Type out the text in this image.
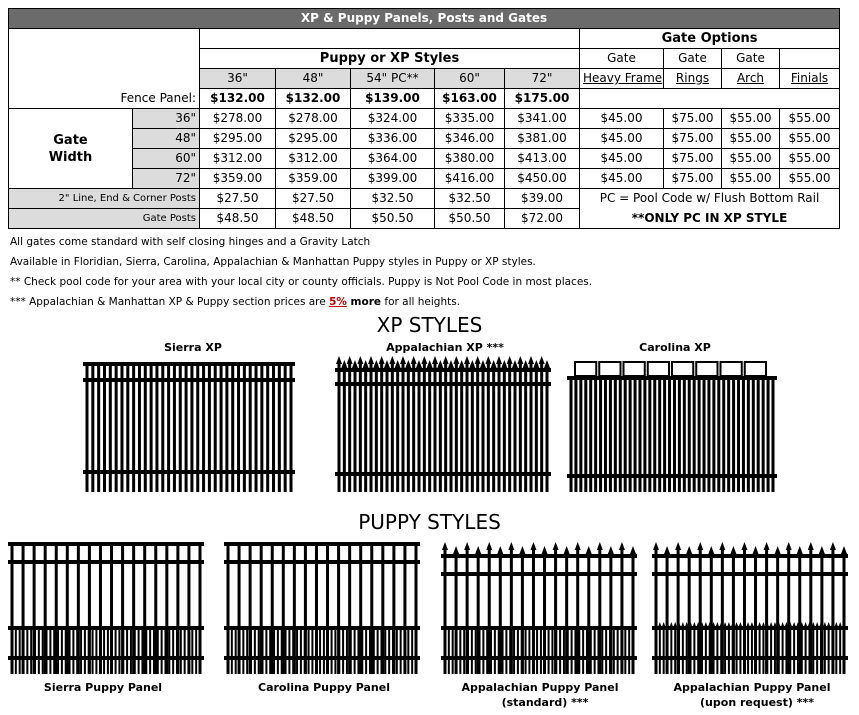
XP & Puppy Panels, Posts and Gates										
							Gate Options			
		Puppy or XP Styles					Gate	Gate	Gate	
		36"	48"	54" PC**	60"	72"	Heavy Frame	Rings	Arch	Finials
Fence Panel:		$132.00	$132.00	$139.00	$163.00	$175.00				

Gate
Width	36"	$278.00	$278.00	$324.00	$335.00	$341.00	$45.00	$75.00	$55.00	$55.00
	48"	$295.00	$295.00	$336.00	$346.00	$381.00	$45.00	$75.00	$55.00	$55.00
	60"	$312.00	$312.00	$364.00	$380.00	$413.00	$45.00	$75.00	$55.00	$55.00
	72"	$359.00	$359.00	$399.00	$416.00	$450.00	$45.00	$75.00	$55.00	$55.00
2" Line, End & Corner Posts		$27.50	$27.50	$32.50	$32.50	$39.00	PC = Pool Code w/ Flush Bottom Rail			
Gate Posts		$48.50	$48.50	$50.50	$50.50	$72.00	**ONLY PC IN XP STYLE			
All gates come standard with self closing hinges and a Gravity Latch
Available in Floridian, Sierra, Carolina, Appalachian & Manhattan Puppy styles in Puppy or XP styles.
** Check pool code for your area with your local city or county officials. Puppy is Not Pool Code in most places.
*** Appalachian & Manhattan XP & Puppy section prices are 5% more for all heights.
XP STYLES
Sierra XP	Appalachian XP ***	Carolina XP
PUPPY STYLES
Sierra Puppy Panel	Carolina Puppy Panel	Appalachian Puppy Panel
(standard) ***
Appalachian Puppy Panel
(upon request) ***
